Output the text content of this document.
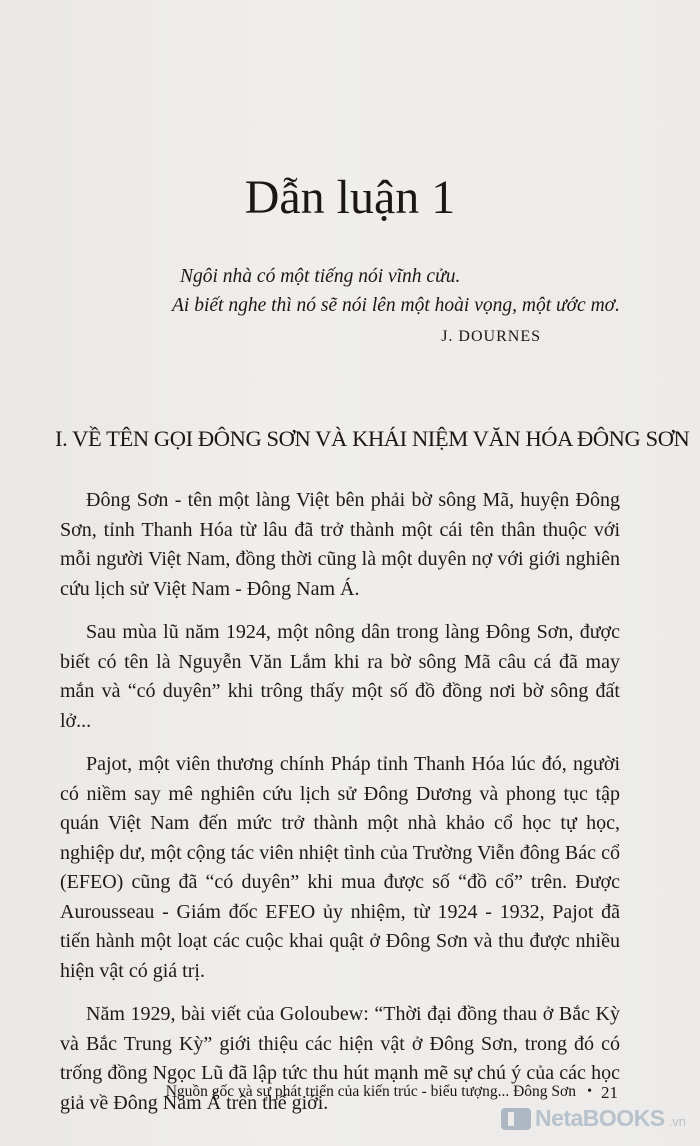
Dẫn luận 1
Ngôi nhà có một tiếng nói vĩnh cửu.
Ai biết nghe thì nó sẽ nói lên một hoài vọng, một ước mơ.
J. DOURNES
I. VỀ TÊN GỌI ĐÔNG SƠN VÀ KHÁI NIỆM VĂN HÓA ĐÔNG SƠN

Đông Sơn - tên một làng Việt bên phải bờ sông Mã, huyện Đông Sơn, tỉnh Thanh Hóa từ lâu đã trở thành một cái tên thân thuộc với mỗi người Việt Nam, đồng thời cũng là một duyên nợ với giới nghiên cứu lịch sử Việt Nam - Đông Nam Á.

Sau mùa lũ năm 1924, một nông dân trong làng Đông Sơn, được biết có tên là Nguyễn Văn Lắm khi ra bờ sông Mã câu cá đã may mắn và “có duyên” khi trông thấy một số đồ đồng nơi bờ sông đất lở...

Pajot, một viên thương chính Pháp tỉnh Thanh Hóa lúc đó, người có niềm say mê nghiên cứu lịch sử Đông Dương và phong tục tập quán Việt Nam đến mức trở thành một nhà khảo cổ học tự học, nghiệp dư, một cộng tác viên nhiệt tình của Trường Viễn đông Bác cổ (EFEO) cũng đã “có duyên” khi mua được số “đồ cổ” trên. Được Aurousseau - Giám đốc EFEO ủy nhiệm, từ 1924 - 1932, Pajot đã tiến hành một loạt các cuộc khai quật ở Đông Sơn và thu được nhiều hiện vật có giá trị.

Năm 1929, bài viết của Goloubew: “Thời đại đồng thau ở Bắc Kỳ và Bắc Trung Kỳ” giới thiệu các hiện vật ở Đông Sơn, trong đó có trống đồng Ngọc Lũ đã lập tức thu hút mạnh mẽ sự chú ý của các học giả về Đông Nam Á trên thế giới.

Nguồn gốc và sự phát triển của kiến trúc - biểu tượng... Đông Sơn • 21
NetaBOOKS .vn
